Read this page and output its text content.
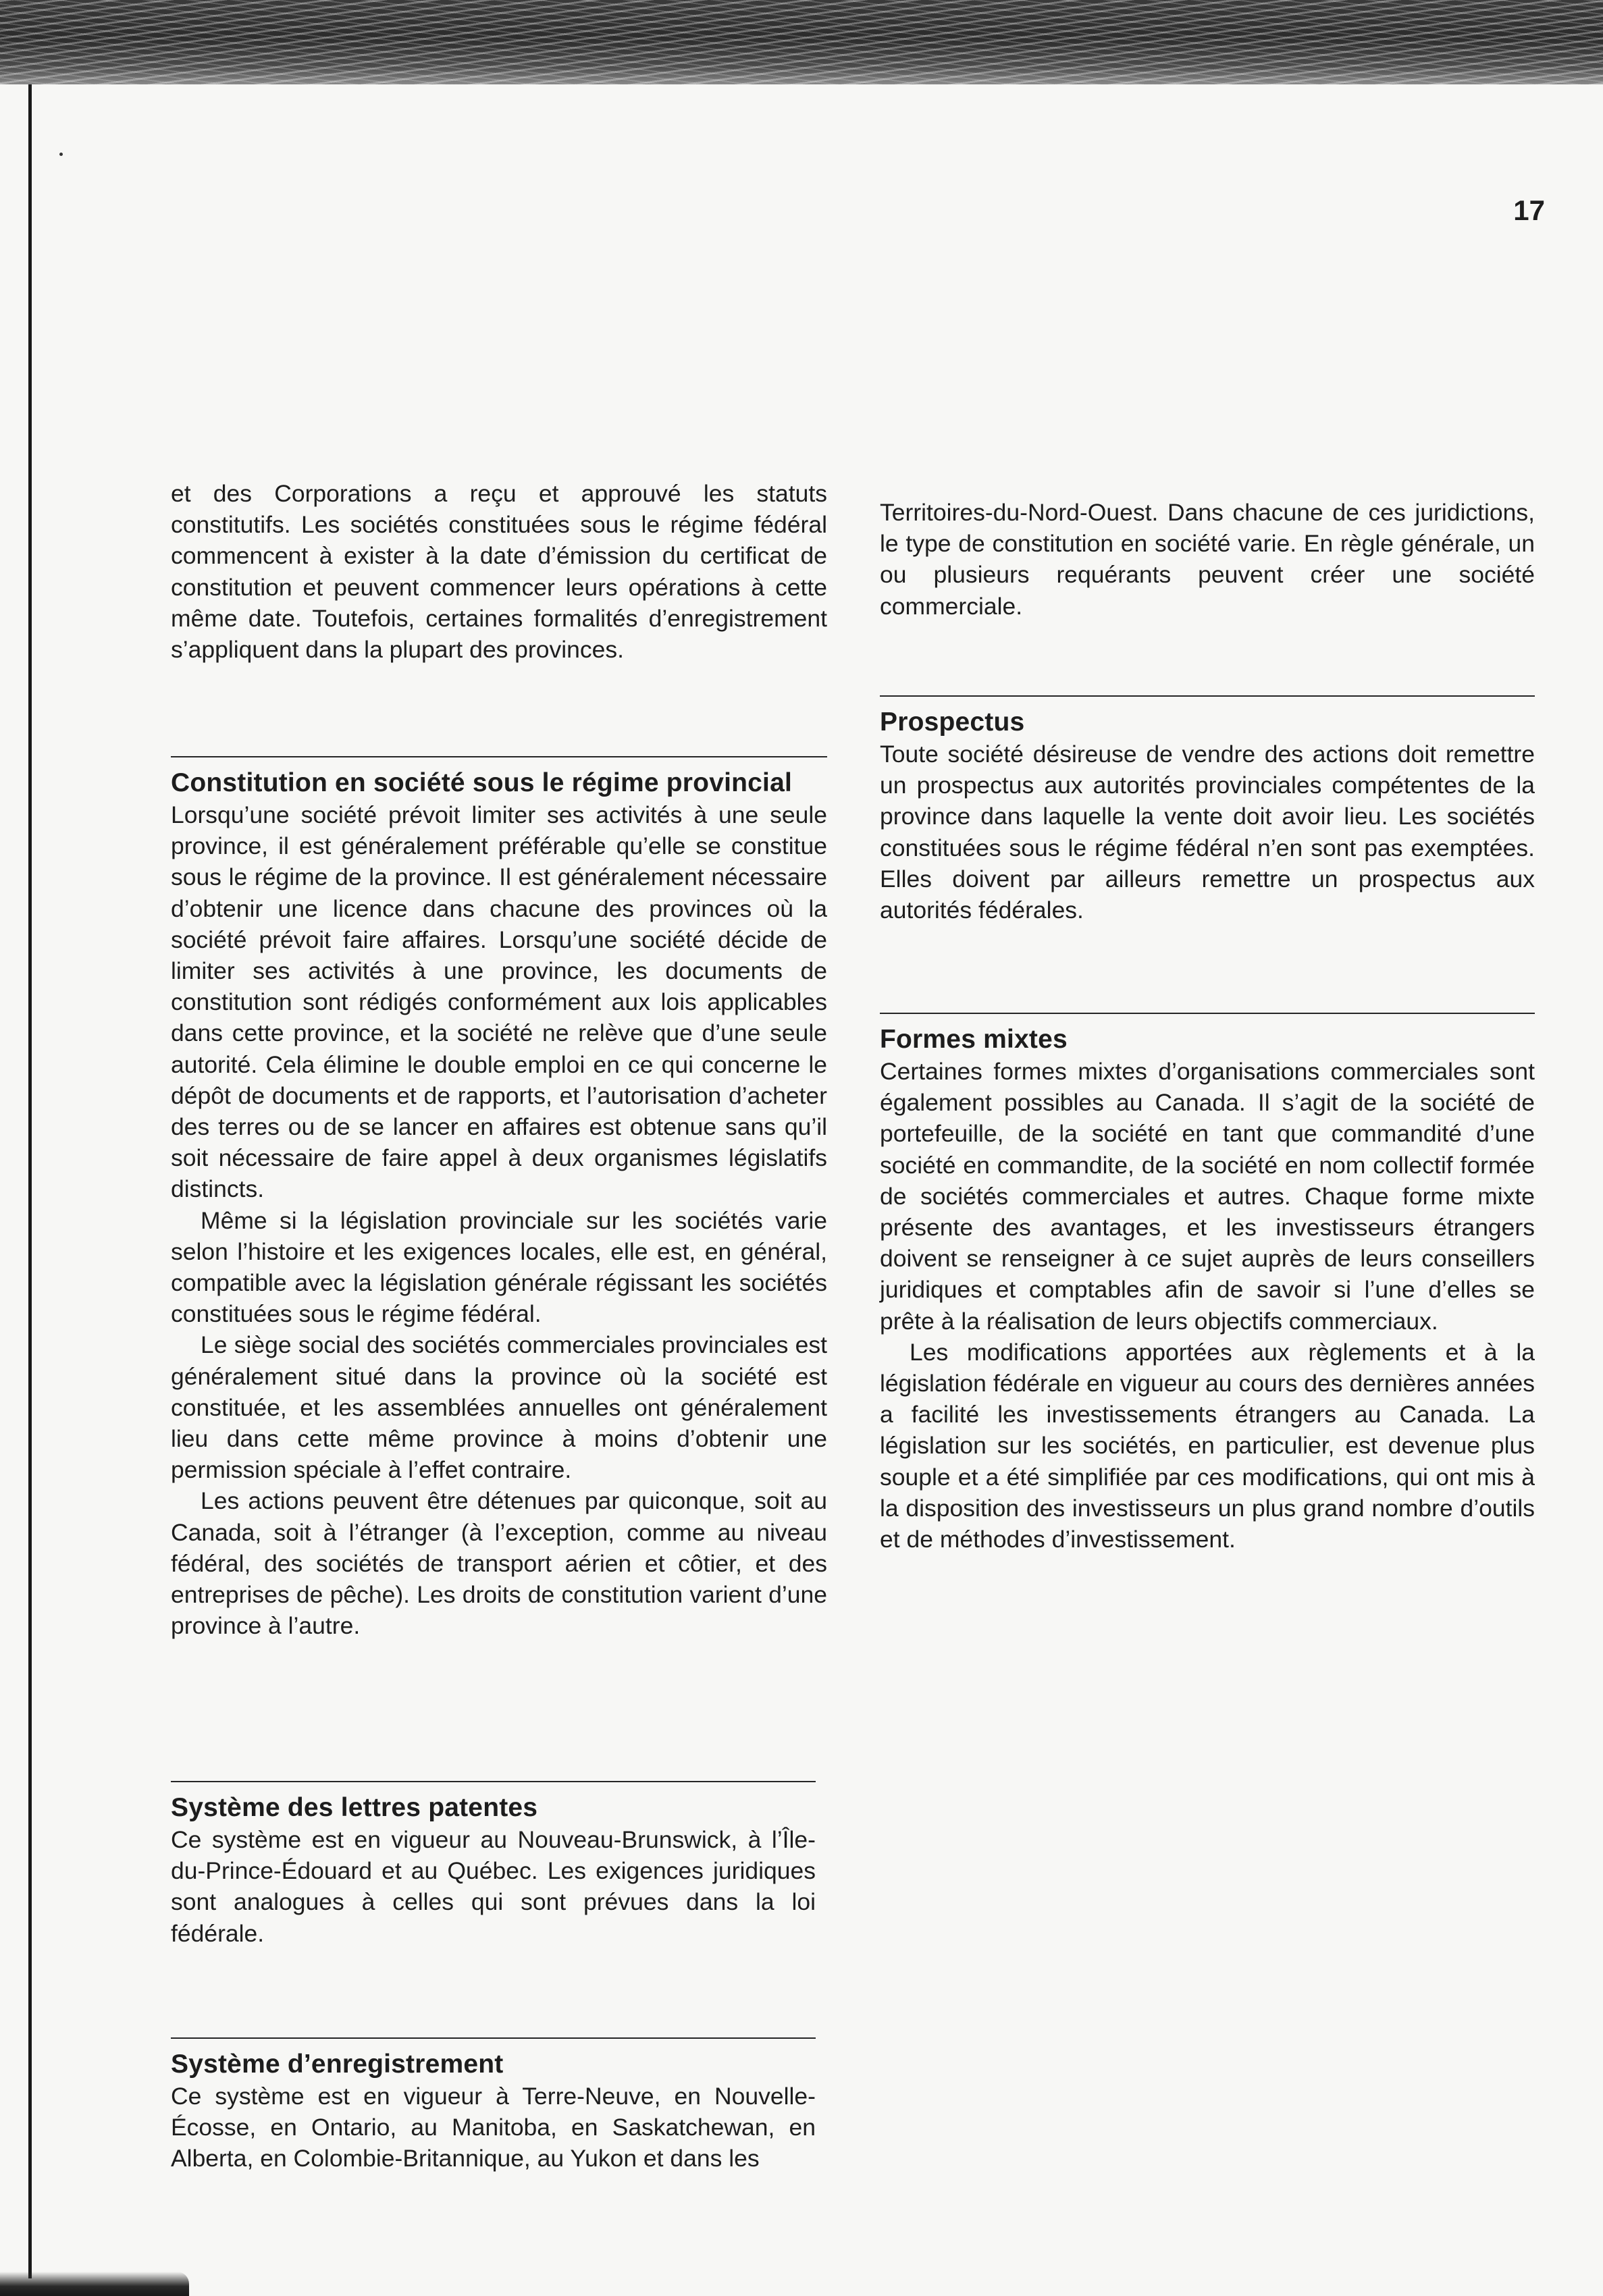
17

et des Corporations a reçu et approuvé les statuts constitutifs. Les sociétés constituées sous le régime fédéral commencent à exister à la date d’émission du certificat de constitution et peuvent commencer leurs opérations à cette même date. Toutefois, certaines formalités d’enregistrement s’appliquent dans la plupart des provinces.

Constitution en société sous le régime provincial

Lorsqu’une société prévoit limiter ses activités à une seule province, il est généralement préférable qu’elle se constitue sous le régime de la province. Il est généralement nécessaire d’obtenir une licence dans chacune des provinces où la société prévoit faire affaires. Lorsqu’une société décide de limiter ses activités à une province, les documents de constitution sont rédigés conformément aux lois applicables dans cette province, et la société ne relève que d’une seule autorité. Cela élimine le double emploi en ce qui concerne le dépôt de documents et de rapports, et l’autorisation d’acheter des terres ou de se lancer en affaires est obtenue sans qu’il soit nécessaire de faire appel à deux organismes législatifs distincts.

Même si la législation provinciale sur les sociétés varie selon l’histoire et les exigences locales, elle est, en général, compatible avec la législation générale régissant les sociétés constituées sous le régime fédéral.

Le siège social des sociétés commerciales provinciales est généralement situé dans la province où la société est constituée, et les assemblées annuelles ont généralement lieu dans cette même province à moins d’obtenir une permission spéciale à l’effet contraire.

Les actions peuvent être détenues par quiconque, soit au Canada, soit à l’étranger (à l’exception, comme au niveau fédéral, des sociétés de transport aérien et côtier, et des entreprises de pêche). Les droits de constitution varient d’une province à l’autre.

Système des lettres patentes

Ce système est en vigueur au Nouveau-Brunswick, à l’Île-du-Prince-Édouard et au Québec. Les exigences juridiques sont analogues à celles qui sont prévues dans la loi fédérale.

Système d’enregistrement

Ce système est en vigueur à Terre-Neuve, en Nouvelle-Écosse, en Ontario, au Manitoba, en Saskatchewan, en Alberta, en Colombie-Britannique, au Yukon et dans les

Territoires-du-Nord-Ouest. Dans chacune de ces juridictions, le type de constitution en société varie. En règle générale, un ou plusieurs requérants peuvent créer une société commerciale.

Prospectus

Toute société désireuse de vendre des actions doit remettre un prospectus aux autorités provinciales compétentes de la province dans laquelle la vente doit avoir lieu. Les sociétés constituées sous le régime fédéral n’en sont pas exemptées. Elles doivent par ailleurs remettre un prospectus aux autorités fédérales.

Formes mixtes

Certaines formes mixtes d’organisations commerciales sont également possibles au Canada. Il s’agit de la société de portefeuille, de la société en tant que commandité d’une société en commandite, de la société en nom collectif formée de sociétés commerciales et autres. Chaque forme mixte présente des avantages, et les investisseurs étrangers doivent se renseigner à ce sujet auprès de leurs conseillers juridiques et comptables afin de savoir si l’une d’elles se prête à la réalisation de leurs objectifs commerciaux.

Les modifications apportées aux règlements et à la législation fédérale en vigueur au cours des dernières années a facilité les investissements étrangers au Canada. La législation sur les sociétés, en particulier, est devenue plus souple et a été simplifiée par ces modifications, qui ont mis à la disposition des investisseurs un plus grand nombre d’outils et de méthodes d’investissement.
